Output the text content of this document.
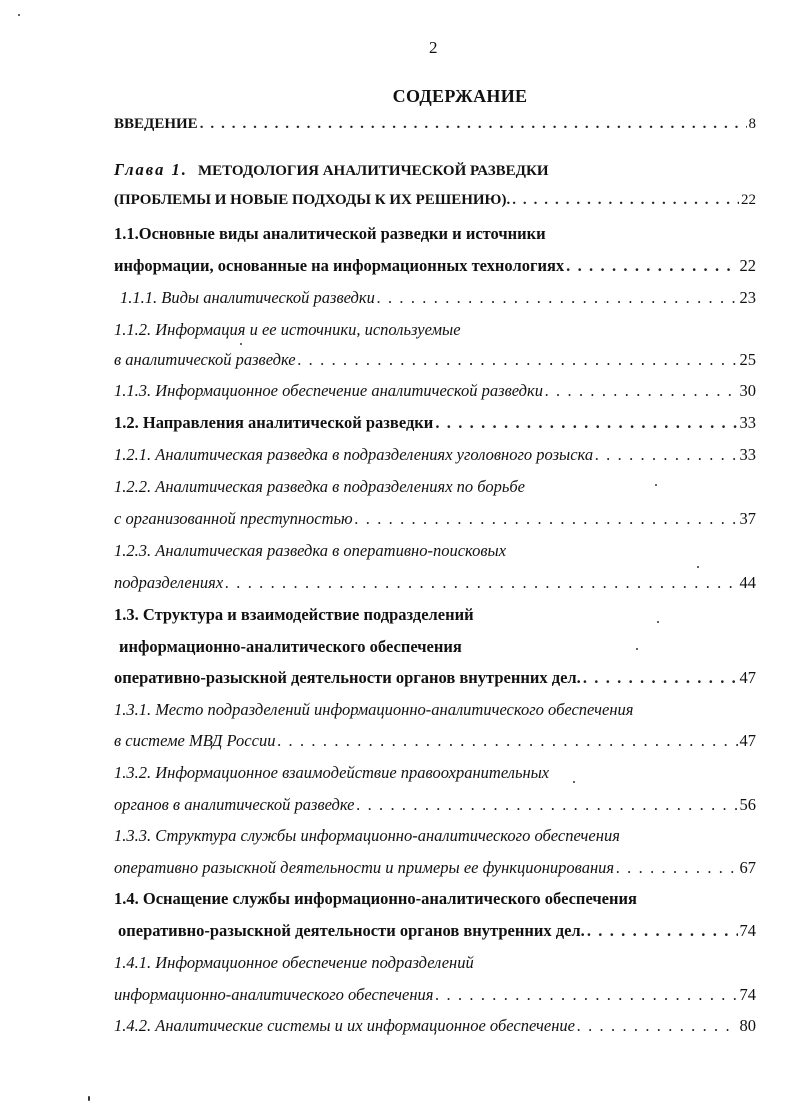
2
СОДЕРЖАНИЕ
ВВЕДЕНИЕ . . .	8
Глава 1. МЕТОДОЛОГИЯ АНАЛИТИЧЕСКОЙ РАЗВЕДКИ
(ПРОБЛЕМЫ И НОВЫЕ ПОДХОДЫ К ИХ РЕШЕНИЮ). . . .	22
1.1.Основные виды аналитической разведки и источники
информации, основанные на информационных технологиях . . .	22
1.1.1. Виды аналитической разведки . . .	23
1.1.2. Информация и ее источники, используемые
в аналитической разведке . . .	25
1.1.3. Информационное обеспечение аналитической разведки . . .	30
1.2. Направления аналитической разведки . . .	33
1.2.1. Аналитическая разведка в подразделениях уголовного розыска . . .	33
1.2.2. Аналитическая разведка в подразделениях по борьбе
с организованной преступностью . . .	37
1.2.3. Аналитическая разведка в оперативно-поисковых
подразделениях . . .	44
1.3. Структура и взаимодействие подразделений
информационно-аналитического обеспечения
оперативно-разыскной деятельности органов внутренних дел. . . .	47
1.3.1. Место подразделений информационно-аналитического обеспечения
в системе МВД России . . .	47
1.3.2. Информационное взаимодействие правоохранительных
органов в аналитической разведке . . .	56
1.3.3. Структура службы информационно-аналитического обеспечения
оперативно разыскной деятельности и примеры ее функционирования . . .	67
1.4. Оснащение службы информационно-аналитического обеспечения
оперативно-разыскной деятельности органов внутренних дел. . . .	74
1.4.1. Информационное обеспечение подразделений
информационно-аналитического обеспечения . . .	74
1.4.2. Аналитические системы и их информационное обеспечение . . .	80
